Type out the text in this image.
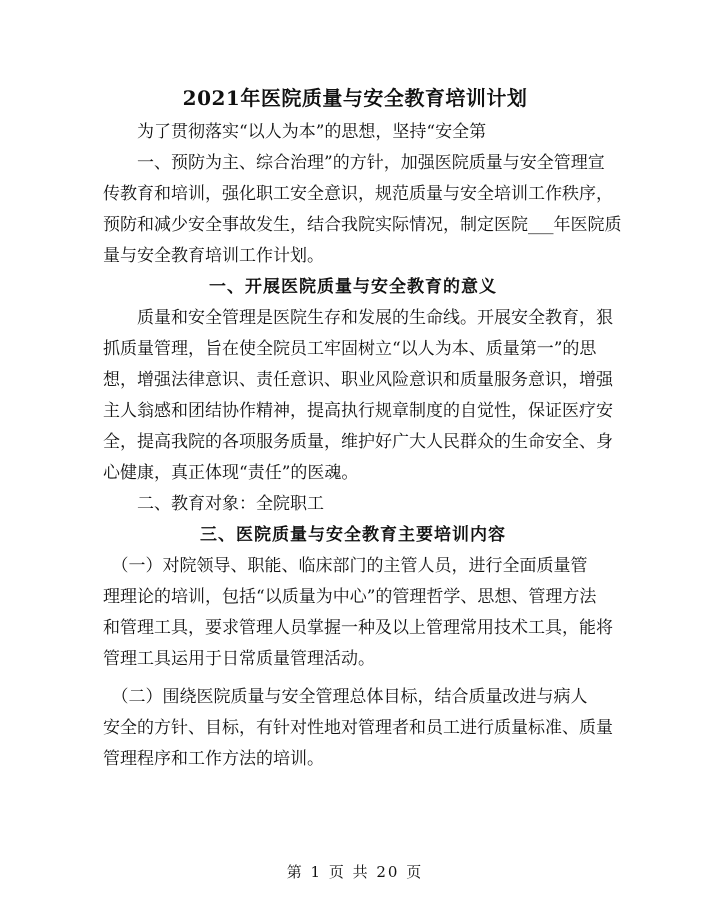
2021年医院质量与安全教育培训计划
　　为了贯彻落实“以人为本”的思想，坚持“安全第
　　一、预防为主、综合治理”的方针，加强医院质量与安全管理宣
传教育和培训，强化职工安全意识，规范质量与安全培训工作秩序，
预防和减少安全事故发生，结合我院实际情况，制定医院___年医院质
量与安全教育培训工作计划。
一、开展医院质量与安全教育的意义
　　质量和安全管理是医院生存和发展的生命线。开展安全教育，狠
抓质量管理，旨在使全院员工牢固树立“以人为本、质量第一”的思
想，增强法律意识、责任意识、职业风险意识和质量服务意识，增强
主人翁感和团结协作精神，提高执行规章制度的自觉性，保证医疗安
全，提高我院的各项服务质量，维护好广大人民群众的生命安全、身
心健康，真正体现“责任”的医魂。
　　二、教育对象：全院职工
三、医院质量与安全教育主要培训内容
　（一）对院领导、职能、临床部门的主管人员，进行全面质量管
理理论的培训，包括“以质量为中心”的管理哲学、思想、管理方法
和管理工具，要求管理人员掌握一种及以上管理常用技术工具，能将
管理工具运用于日常质量管理活动。
　（二）围绕医院质量与安全管理总体目标，结合质量改进与病人
安全的方针、目标，有针对性地对管理者和员工进行质量标准、质量
管理程序和工作方法的培训。
第 1 页 共 20 页
